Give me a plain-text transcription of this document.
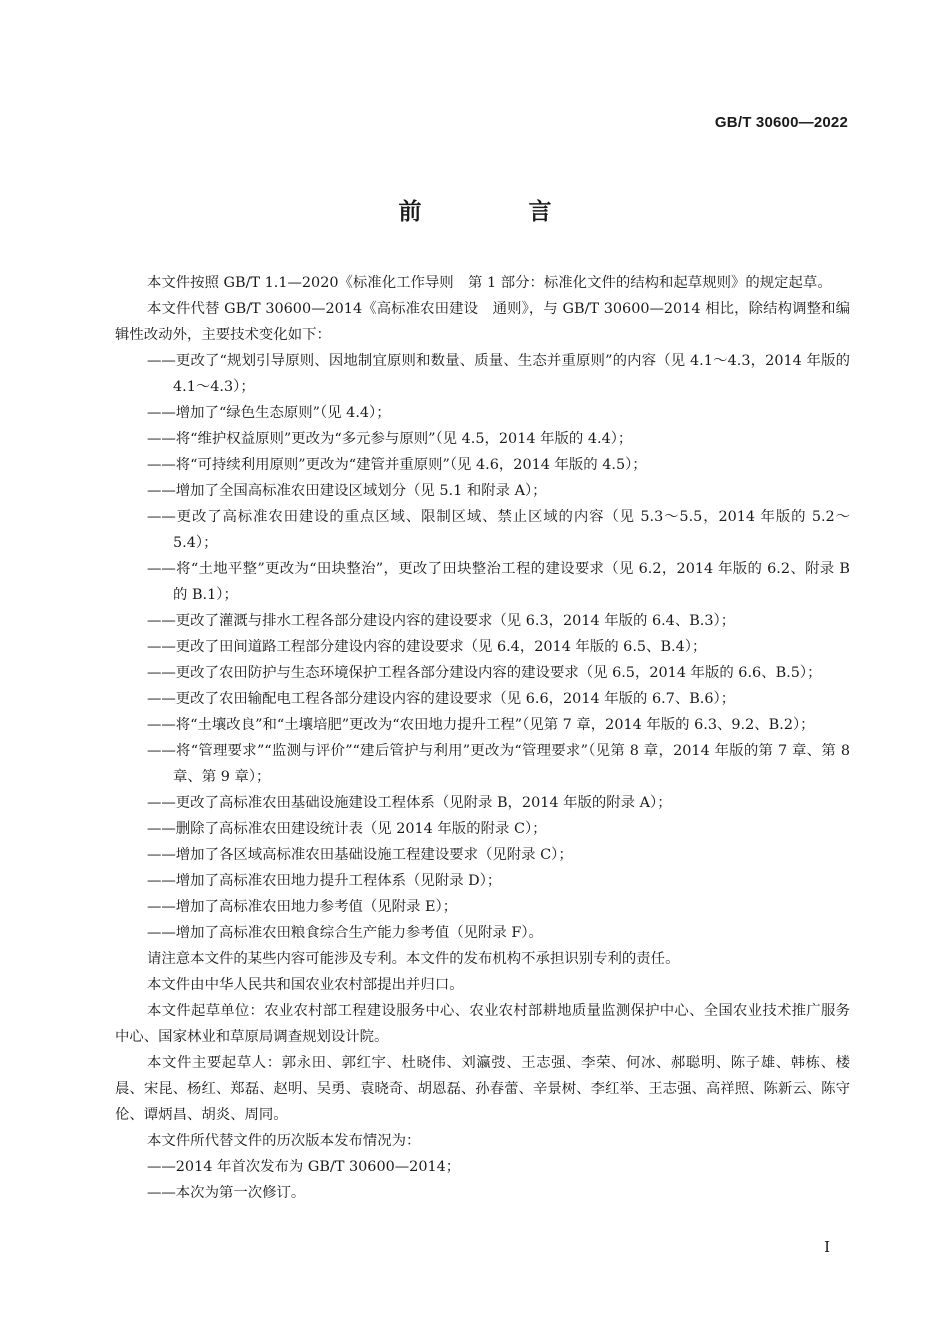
GB/T 30600—2022
前　言

本文件按照 GB/T 1.1—2020《标准化工作导则　第 1 部分：标准化文件的结构和起草规则》的规定起草。

本文件代替 GB/T 30600—2014《高标准农田建设　通则》，与 GB/T 30600—2014 相比，除结构调整和编辑性改动外，主要技术变化如下：

——更改了“规划引导原则、因地制宜原则和数量、质量、生态并重原则”的内容（见 4.1～4.3，2014 年版的 4.1～4.3）；

——增加了“绿色生态原则”（见 4.4）；

——将“维护权益原则”更改为“多元参与原则”（见 4.5，2014 年版的 4.4）；

——将“可持续利用原则”更改为“建管并重原则”（见 4.6，2014 年版的 4.5）；

——增加了全国高标准农田建设区域划分（见 5.1 和附录 A）；

——更改了高标准农田建设的重点区域、限制区域、禁止区域的内容（见 5.3～5.5，2014 年版的 5.2～5.4）；

——将“土地平整”更改为“田块整治”，更改了田块整治工程的建设要求（见 6.2，2014 年版的 6.2、附录 B 的 B.1）；

——更改了灌溉与排水工程各部分建设内容的建设要求（见 6.3，2014 年版的 6.4、B.3）；

——更改了田间道路工程部分建设内容的建设要求（见 6.4，2014 年版的 6.5、B.4）；

——更改了农田防护与生态环境保护工程各部分建设内容的建设要求（见 6.5，2014 年版的 6.6、B.5）；

——更改了农田输配电工程各部分建设内容的建设要求（见 6.6，2014 年版的 6.7、B.6）；

——将“土壤改良”和“土壤培肥”更改为“农田地力提升工程”（见第 7 章，2014 年版的 6.3、9.2、B.2）；

——将“管理要求”“监测与评价”“建后管护与利用”更改为“管理要求”（见第 8 章，2014 年版的第 7 章、第 8 章、第 9 章）；

——更改了高标准农田基础设施建设工程体系（见附录 B，2014 年版的附录 A）；

——删除了高标准农田建设统计表（见 2014 年版的附录 C）；

——增加了各区域高标准农田基础设施工程建设要求（见附录 C）；

——增加了高标准农田地力提升工程体系（见附录 D）；

——增加了高标准农田地力参考值（见附录 E）；

——增加了高标准农田粮食综合生产能力参考值（见附录 F）。

请注意本文件的某些内容可能涉及专利。本文件的发布机构不承担识别专利的责任。

本文件由中华人民共和国农业农村部提出并归口。

本文件起草单位：农业农村部工程建设服务中心、农业农村部耕地质量监测保护中心、全国农业技术推广服务中心、国家林业和草原局调查规划设计院。

本文件主要起草人：郭永田、郭红宇、杜晓伟、刘瀛弢、王志强、李荣、何冰、郝聪明、陈子雄、韩栋、楼晨、宋昆、杨红、郑磊、赵明、吴勇、袁晓奇、胡恩磊、孙春蕾、辛景树、李红举、王志强、高祥照、陈新云、陈守伦、谭炳昌、胡炎、周同。

本文件所代替文件的历次版本发布情况为：

——2014 年首次发布为 GB/T 30600—2014；

——本次为第一次修订。

Ⅰ
